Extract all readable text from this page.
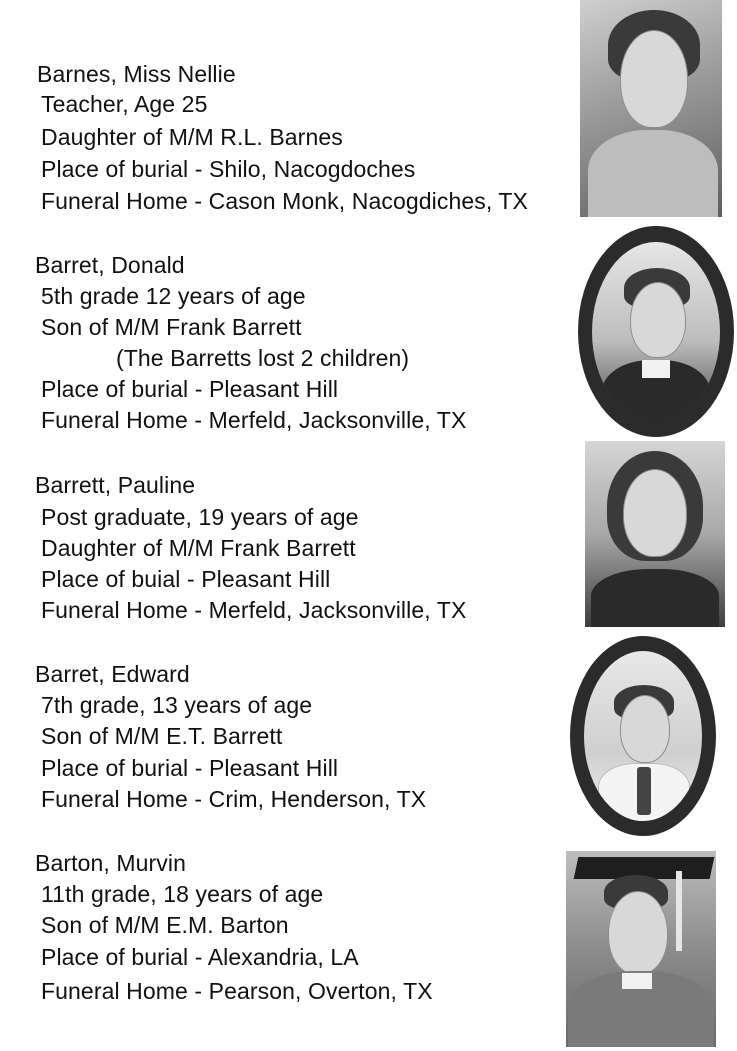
Barnes, Miss Nellie
Teacher, Age 25
Daughter of M/M R.L. Barnes
Place of burial - Shilo, Nacogdoches
Funeral Home - Cason Monk, Nacogdiches, TX
Barret, Donald
5th grade 12 years of age
Son of M/M Frank Barrett
(The Barretts lost 2 children)
Place of burial - Pleasant Hill
Funeral Home - Merfeld, Jacksonville, TX
Barrett, Pauline
Post graduate, 19 years of age
Daughter of M/M Frank Barrett
Place of buial - Pleasant Hill
Funeral Home - Merfeld, Jacksonville, TX
Barret, Edward
7th grade, 13 years of age
Son of M/M E.T. Barrett
Place of burial - Pleasant Hill
Funeral Home - Crim, Henderson, TX
Barton, Murvin
11th grade, 18 years of age
Son of M/M E.M. Barton
Place of burial - Alexandria, LA
Funeral Home - Pearson, Overton, TX
